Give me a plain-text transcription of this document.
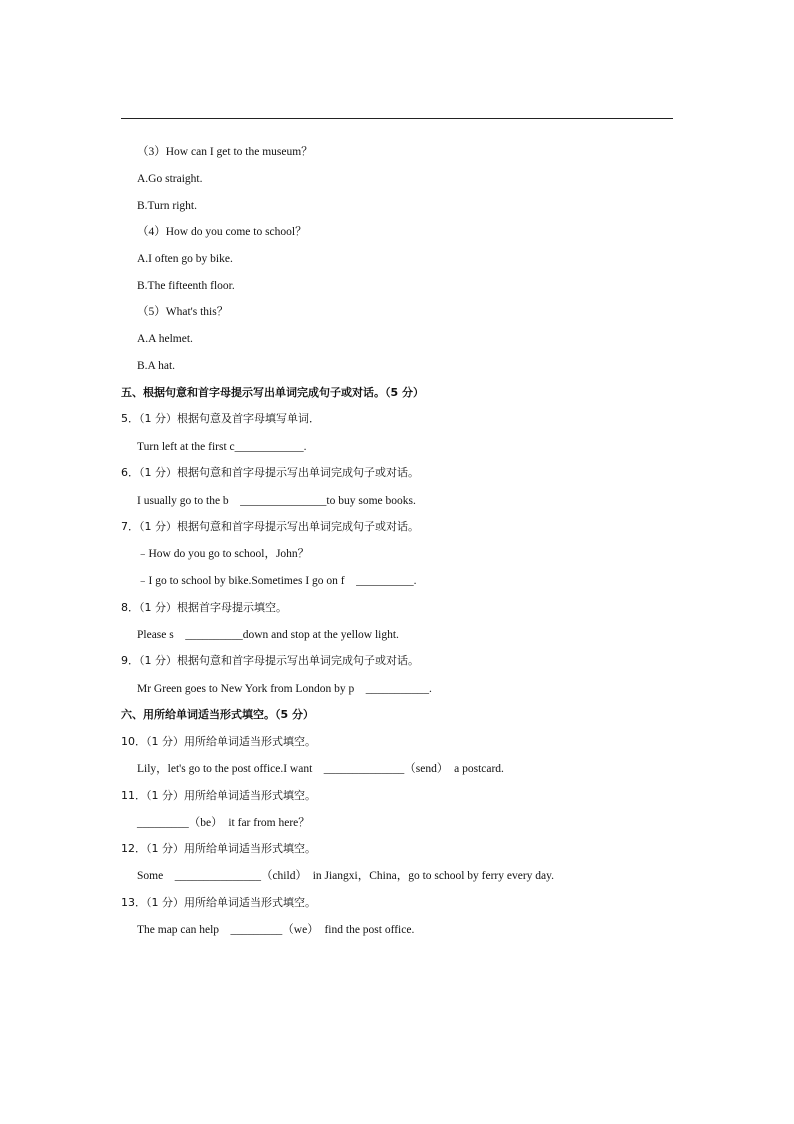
（3）How can I get to the museum？
A.Go straight.
B.Turn right.
（4）How do you come to school？
A.I often go by bike.
B.The fifteenth floor.
（5）What's this？
A.A helmet.
B.A hat.
五、根据句意和首字母提示写出单词完成句子或对话。（5 分）
5．（1 分）根据句意及首字母填写单词．
Turn left at the first c____________.
6．（1 分）根据句意和首字母提示写出单词完成句子或对话。
I usually go to the b    _______________to buy some books.
7．（1 分）根据句意和首字母提示写出单词完成句子或对话。
﹣How do you go to school，John？
﹣I go to school by bike.Sometimes I go on f    __________.
8．（1 分）根据首字母提示填空。
Please s    __________down and stop at the yellow light.
9．（1 分）根据句意和首字母提示写出单词完成句子或对话。
Mr Green goes to New York from London by p    ___________.
六、用所给单词适当形式填空。（5 分）
10．（1 分）用所给单词适当形式填空。
Lily，let's go to the post office.I want    ______________（send）  a postcard.
11．（1 分）用所给单词适当形式填空。
_________（be）  it far from here？
12．（1 分）用所给单词适当形式填空。
Some    _______________（child）  in Jiangxi，China，go to school by ferry every day.
13．（1 分）用所给单词适当形式填空。
The map can help    _________（we）  find the post office.
